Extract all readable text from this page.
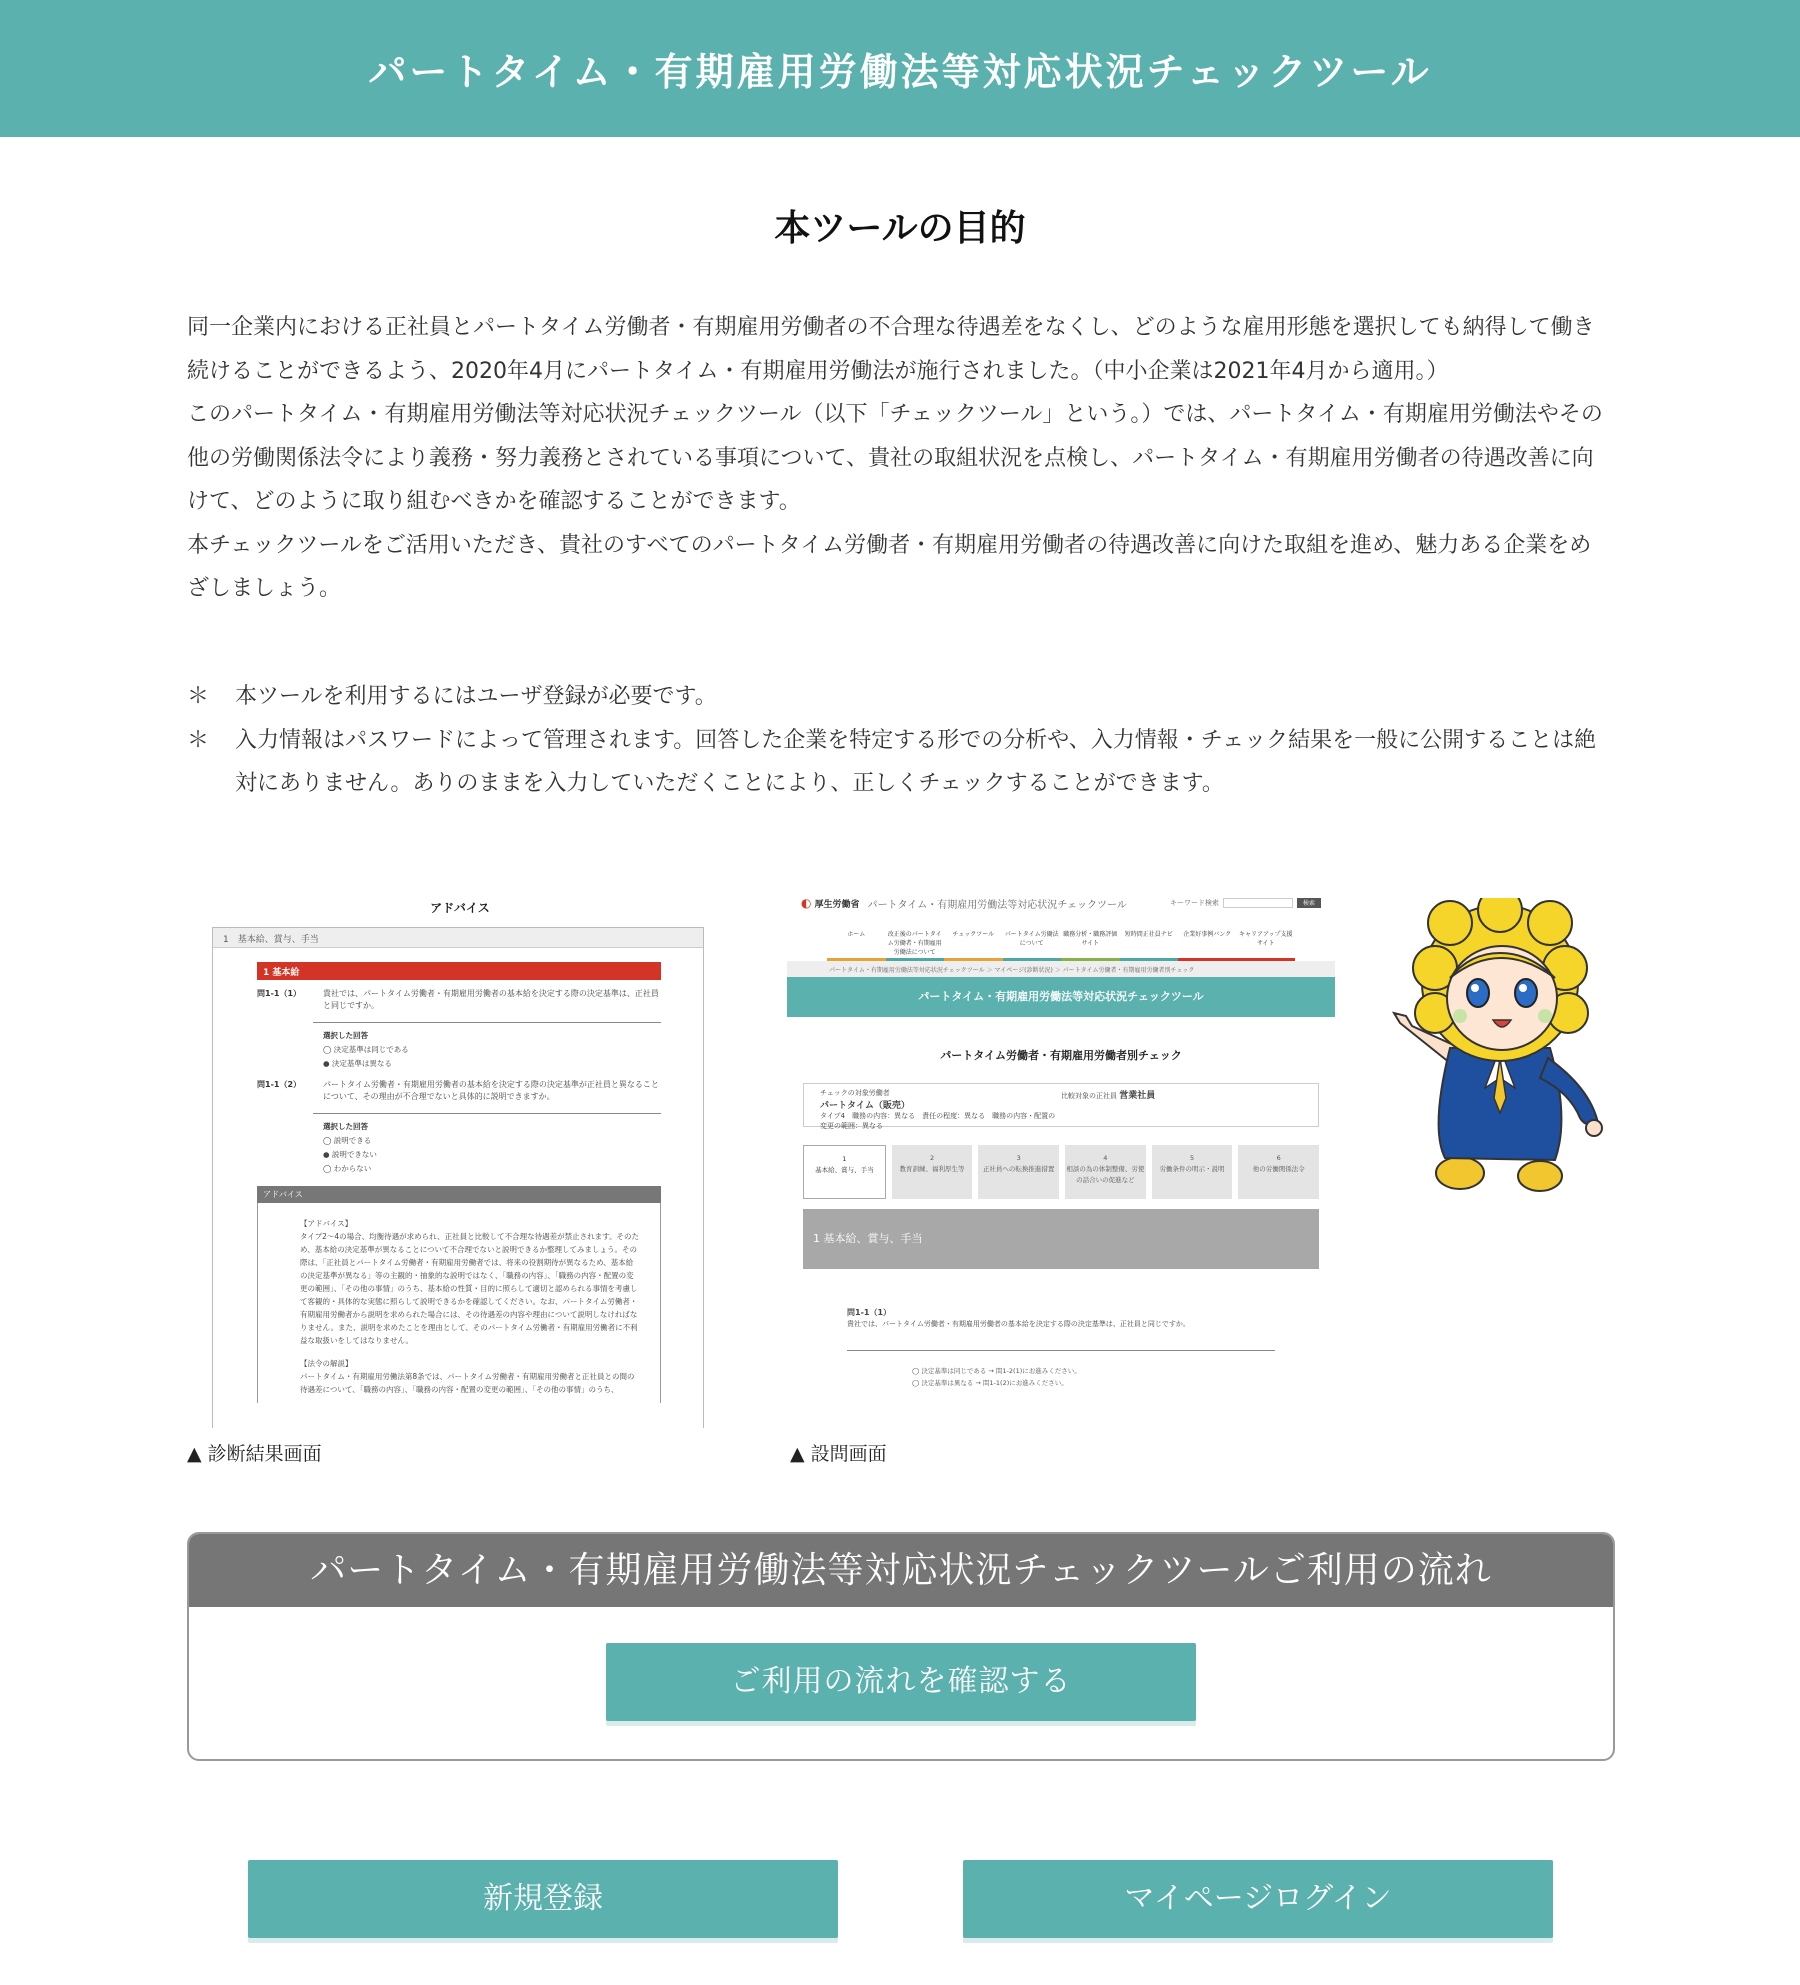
パートタイム・有期雇用労働法等対応状況チェックツール
本ツールの目的

同一企業内における正社員とパートタイム労働者・有期雇用労働者の不合理な待遇差をなくし、どのような雇用形態を選択しても納得して働き続けることができるよう、2020年4月にパートタイム・有期雇用労働法が施行されました。（中小企業は2021年4月から適用。）

このパートタイム・有期雇用労働法等対応状況チェックツール（以下「チェックツール」という。）では、パートタイム・有期雇用労働法やその他の労働関係法令により義務・努力義務とされている事項について、貴社の取組状況を点検し、パートタイム・有期雇用労働者の待遇改善に向けて、どのように取り組むべきかを確認することができます。

本チェックツールをご活用いただき、貴社のすべてのパートタイム労働者・有期雇用労働者の待遇改善に向けた取組を進め、魅力ある企業をめざしましょう。

＊	本ツールを利用するにはユーザ登録が必要です。
＊	入力情報はパスワードによって管理されます。回答した企業を特定する形での分析や、入力情報・チェック結果を一般に公開することは絶対にありません。ありのままを入力していただくことにより、正しくチェックすることができます。
アドバイス
1　基本給、賞与、手当
1 基本給
問1-1（1）	貴社では、パートタイム労働者・有期雇用労働者の基本給を決定する際の決定基準は、正社員と同じですか。
選択した回答
◯ 決定基準は同じである
● 決定基準は異なる
問1-1（2）	パートタイム労働者・有期雇用労働者の基本給を決定する際の決定基準が正社員と異なることについて、その理由が不合理でないと具体的に説明できますか。
選択した回答
◯ 説明できる
● 説明できない
◯ わからない
アドバイス
【アドバイス】
タイプ2〜4の場合、均衡待遇が求められ、正社員と比較して不合理な待遇差が禁止されます。そのため、基本給の決定基準が異なることについて不合理でないと説明できるか整理してみましょう。その際は、「正社員とパートタイム労働者・有期雇用労働者では、将来の役割期待が異なるため、基本給の決定基準が異なる」等の主観的・抽象的な説明ではなく、「職務の内容」、「職務の内容・配置の変更の範囲」、「その他の事情」のうち、基本給の性質・目的に照らして適切と認められる事情を考慮して客観的・具体的な実態に照らして説明できるかを確認してください。なお、パートタイム労働者・有期雇用労働者から説明を求められた場合には、その待遇差の内容や理由について説明しなければなりません。また、説明を求めたことを理由として、そのパートタイム労働者・有期雇用労働者に不利益な取扱いをしてはなりません。
【法令の解説】
パートタイム・有期雇用労働法第8条では、パートタイム労働者・有期雇用労働者と正社員との間の待遇差について、「職務の内容」、「職務の内容・配置の変更の範囲」、「その他の事情」のうち、
◐ 厚生労働省 パートタイム・有期雇用労働法等対応状況チェックツール	キーワード検索	検索
ホーム	改正後のパートタイム労働者・有期雇用労働法について
チェックツール	パートタイム労働法について
職務分析・職務評価サイト
短時間正社員ナビ	企業好事例バンク	キャリアアップ支援サイト
パートタイム・有期雇用労働法等対応状況チェックツール ＞ マイページ(診断状況) ＞ パートタイム労働者・有期雇用労働者別チェック
パートタイム・有期雇用労働法等対応状況チェックツール
パートタイム労働者・有期雇用労働者別チェック
チェックの対象労働者
パートタイム（販売）
タイプ4　職務の内容：異なる　責任の程度：異なる　職務の内容・配置の変更の範囲：異なる
比較対象の正社員 営業社員
1
基本給、賞与、手当
2
教育訓練、福利厚生等
3
正社員への転換推進措置
4
相談の為の体制整備、労使の話合いの促進など
5
労働条件の明示・説明
6
他の労働関係法令
1 基本給、賞与、手当
問1-1（1）
貴社では、パートタイム労働者・有期雇用労働者の基本給を決定する際の決定基準は、正社員と同じですか。
◯ 決定基準は同じである → 問1-2(1)にお進みください。
◯ 決定基準は異なる → 問1-1(2)にお進みください。
▲ 診断結果画面	▲ 設問画面
パートタイム・有期雇用労働法等対応状況チェックツールご利用の流れ
ご利用の流れを確認する
新規登録	マイページログイン
